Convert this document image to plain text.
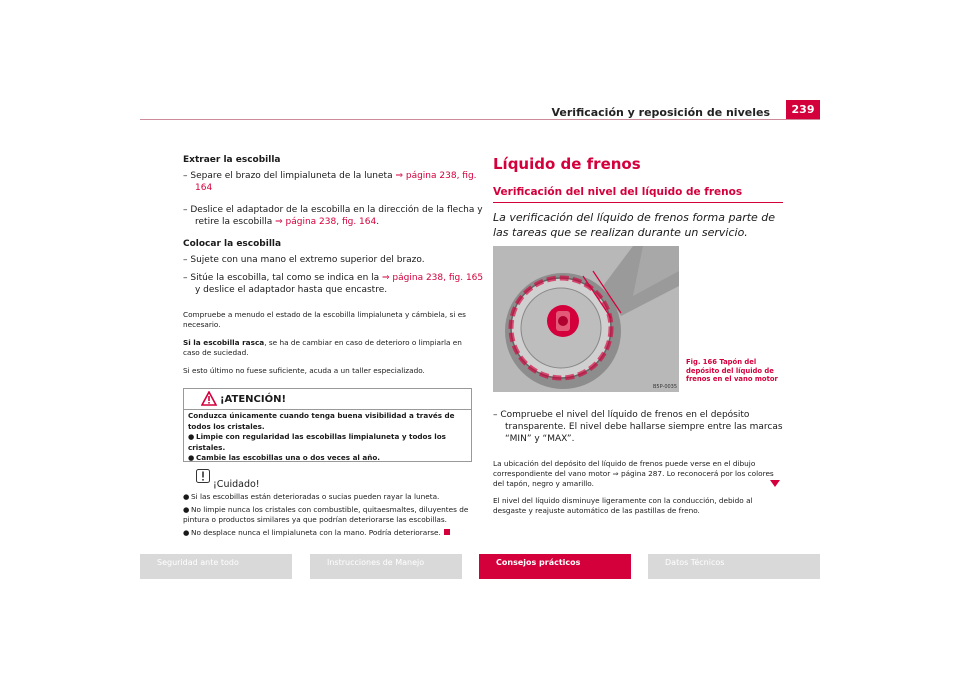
Verificación y reposición de niveles	239
Extraer la escobilla
– Separe el brazo del limpialuneta de la luneta ⇒ página 238, fig. 164
– Deslice el adaptador de la escobilla en la dirección de la flecha y retire la escobilla ⇒ página 238, fig. 164.
Colocar la escobilla
– Sujete con una mano el extremo superior del brazo.
– Sitúe la escobilla, tal como se indica en la ⇒ página 238, fig. 165 y deslice el adaptador hasta que encastre.
Compruebe a menudo el estado de la escobilla limpialuneta y cámbiela, si es necesario.
Si la escobilla rasca, se ha de cambiar en caso de deterioro o limpiarla en caso de suciedad.
Si esto último no fuese suficiente, acuda a un taller especializado.
¡ATENCIÓN!
Conduzca únicamente cuando tenga buena visibilidad a través de todos los cristales.
● Limpie con regularidad las escobillas limpialuneta y todos los cristales.
● Cambie las escobillas una o dos veces al año.
¡Cuidado!
● Si las escobillas están deterioradas o sucias pueden rayar la luneta.
● No limpie nunca los cristales con combustible, quitaesmaltes, diluyentes de pintura o productos similares ya que podrían deteriorarse las escobillas.
● No desplace nunca el limpialuneta con la mano. Podría deteriorarse.
Líquido de frenos
Verificación del nivel del líquido de frenos
La verificación del líquido de frenos forma parte de las tareas que se realizan durante un servicio.
B5P-0035
Fig. 166 Tapón del depósito del líquido de frenos en el vano motor
– Compruebe el nivel del líquido de frenos en el depósito transparente. El nivel debe hallarse siempre entre las marcas “MIN” y “MAX”.
La ubicación del depósito del líquido de frenos puede verse en el dibujo correspondiente del vano motor ⇒ página 287. Lo reconocerá por los colores del tapón, negro y amarillo.
El nivel del líquido disminuye ligeramente con la conducción, debido al desgaste y reajuste automático de las pastillas de freno.
Seguridad ante todo	Instrucciones de Manejo	Consejos prácticos	Datos Técnicos
